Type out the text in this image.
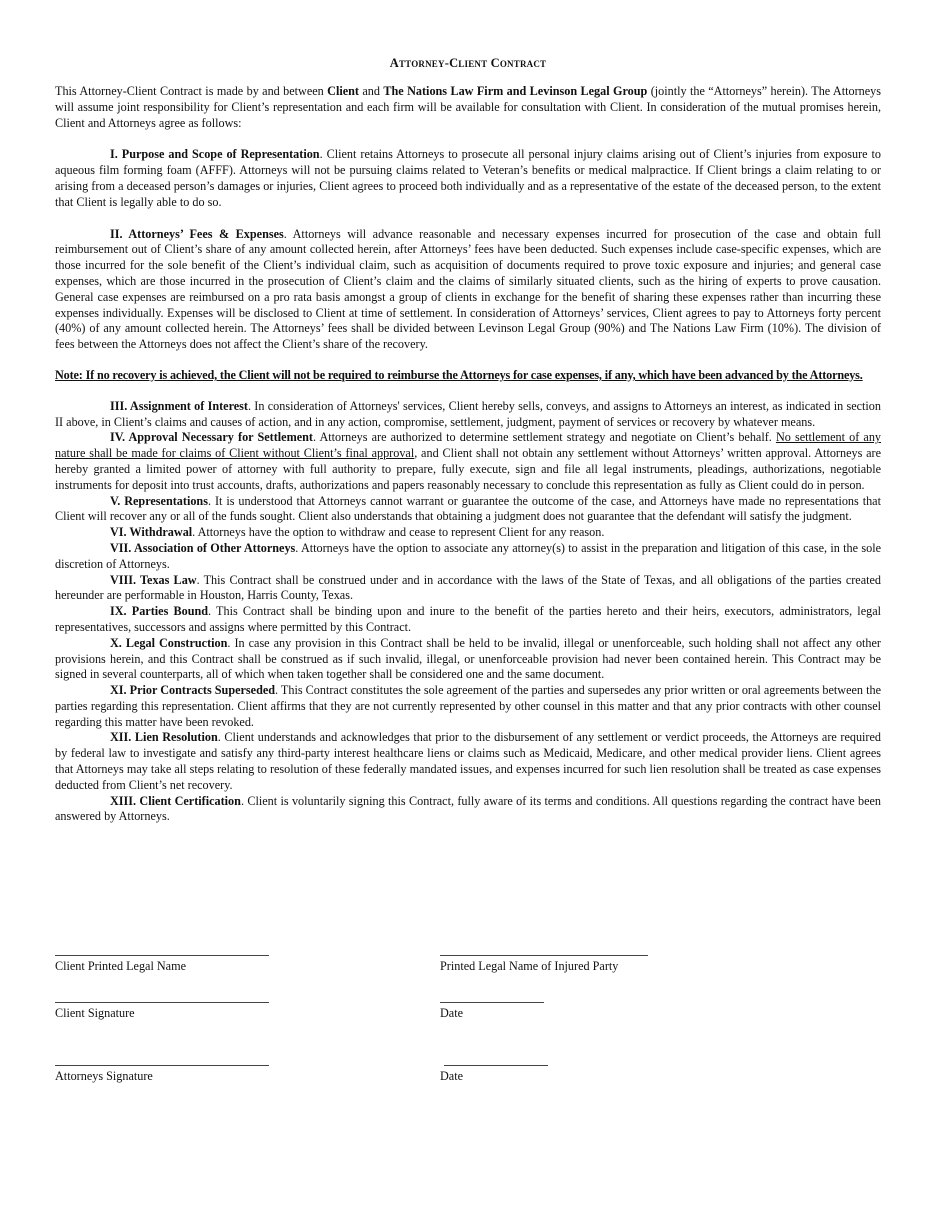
Attorney-Client Contract

This Attorney-Client Contract is made by and between Client and The Nations Law Firm and Levinson Legal Group (jointly the “Attorneys” herein). The Attorneys will assume joint responsibility for Client’s representation and each firm will be available for consultation with Client. In consideration of the mutual promises herein, Client and Attorneys agree as follows:

I. Purpose and Scope of Representation. Client retains Attorneys to prosecute all personal injury claims arising out of Client’s injuries from exposure to aqueous film forming foam (AFFF). Attorneys will not be pursuing claims related to Veteran’s benefits or medical malpractice. If Client brings a claim relating to or arising from a deceased person’s damages or injuries, Client agrees to proceed both individually and as a representative of the estate of the deceased person, to the extent that Client is legally able to do so.

II. Attorneys’ Fees & Expenses. Attorneys will advance reasonable and necessary expenses incurred for prosecution of the case and obtain full reimbursement out of Client’s share of any amount collected herein, after Attorneys’ fees have been deducted. Such expenses include case-specific expenses, which are those incurred for the sole benefit of the Client’s individual claim, such as acquisition of documents required to prove toxic exposure and injuries; and general case expenses, which are those incurred in the prosecution of Client’s claim and the claims of similarly situated clients, such as the hiring of experts to prove causation. General case expenses are reimbursed on a pro rata basis amongst a group of clients in exchange for the benefit of sharing these expenses rather than incurring these expenses individually. Expenses will be disclosed to Client at time of settlement. In consideration of Attorneys’ services, Client agrees to pay to Attorneys forty percent (40%) of any amount collected herein. The Attorneys’ fees shall be divided between Levinson Legal Group (90%) and The Nations Law Firm (10%). The division of fees between the Attorneys does not affect the Client’s share of the recovery.

Note: If no recovery is achieved, the Client will not be required to reimburse the Attorneys for case expenses, if any, which have been advanced by the Attorneys.

III. Assignment of Interest. In consideration of Attorneys' services, Client hereby sells, conveys, and assigns to Attorneys an interest, as indicated in section II above, in Client’s claims and causes of action, and in any action, compromise, settlement, judgment, payment of services or recovery by whatever means.

IV. Approval Necessary for Settlement. Attorneys are authorized to determine settlement strategy and negotiate on Client’s behalf. No settlement of any nature shall be made for claims of Client without Client’s final approval, and Client shall not obtain any settlement without Attorneys’ written approval. Attorneys are hereby granted a limited power of attorney with full authority to prepare, fully execute, sign and file all legal instruments, pleadings, authorizations, negotiable instruments for deposit into trust accounts, drafts, authorizations and papers reasonably necessary to conclude this representation as fully as Client could do in person.

V. Representations. It is understood that Attorneys cannot warrant or guarantee the outcome of the case, and Attorneys have made no representations that Client will recover any or all of the funds sought. Client also understands that obtaining a judgment does not guarantee that the defendant will satisfy the judgment.

VI. Withdrawal. Attorneys have the option to withdraw and cease to represent Client for any reason.

VII. Association of Other Attorneys. Attorneys have the option to associate any attorney(s) to assist in the preparation and litigation of this case, in the sole discretion of Attorneys.

VIII. Texas Law. This Contract shall be construed under and in accordance with the laws of the State of Texas, and all obligations of the parties created hereunder are performable in Houston, Harris County, Texas.

IX. Parties Bound. This Contract shall be binding upon and inure to the benefit of the parties hereto and their heirs, executors, administrators, legal representatives, successors and assigns where permitted by this Contract.

X. Legal Construction. In case any provision in this Contract shall be held to be invalid, illegal or unenforceable, such holding shall not affect any other provisions herein, and this Contract shall be construed as if such invalid, illegal, or unenforceable provision had never been contained herein. This Contract may be signed in several counterparts, all of which when taken together shall be considered one and the same document.

XI. Prior Contracts Superseded. This Contract constitutes the sole agreement of the parties and supersedes any prior written or oral agreements between the parties regarding this representation. Client affirms that they are not currently represented by other counsel in this matter and that any prior contracts with other counsel regarding this matter have been revoked.

XII. Lien Resolution. Client understands and acknowledges that prior to the disbursement of any settlement or verdict proceeds, the Attorneys are required by federal law to investigate and satisfy any third-party interest healthcare liens or claims such as Medicaid, Medicare, and other medical provider liens. Client agrees that Attorneys may take all steps relating to resolution of these federally mandated issues, and expenses incurred for such lien resolution shall be treated as case expenses deducted from Client’s net recovery.

XIII. Client Certification. Client is voluntarily signing this Contract, fully aware of its terms and conditions. All questions regarding the contract have been answered by Attorneys.

Client Printed Legal Name	Printed Legal Name of Injured Party
Client Signature	Date
Attorneys Signature	Date
